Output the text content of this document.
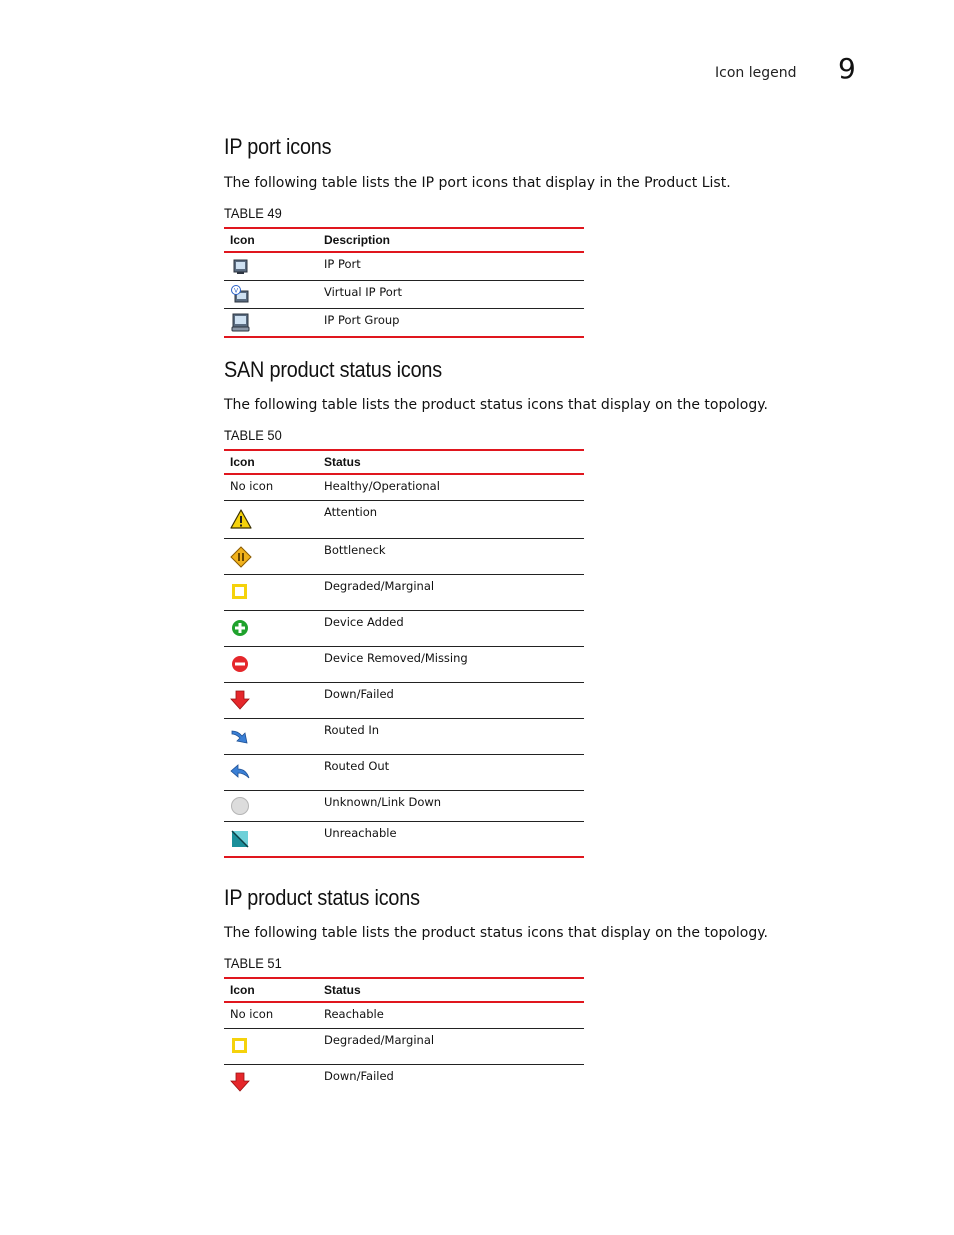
Icon legend 9
IP port icons

The following table lists the IP port icons that display in the Product List.

TABLE 49
Icon	Description

	IP Port

V	Virtual IP Port

	IP Port Group
SAN product status icons

The following table lists the product status icons that display on the topology.

TABLE 50
Icon	Status
No icon	Healthy/Operational

	Attention

	Bottleneck

	Degraded/Marginal

	Device Added

	Device Removed/Missing

	Down/Failed

	Routed In

	Routed Out

	Unknown/Link Down

	Unreachable
IP product status icons

The following table lists the product status icons that display on the topology.

TABLE 51
Icon	Status
No icon	Reachable

	Degraded/Marginal

	Down/Failed
